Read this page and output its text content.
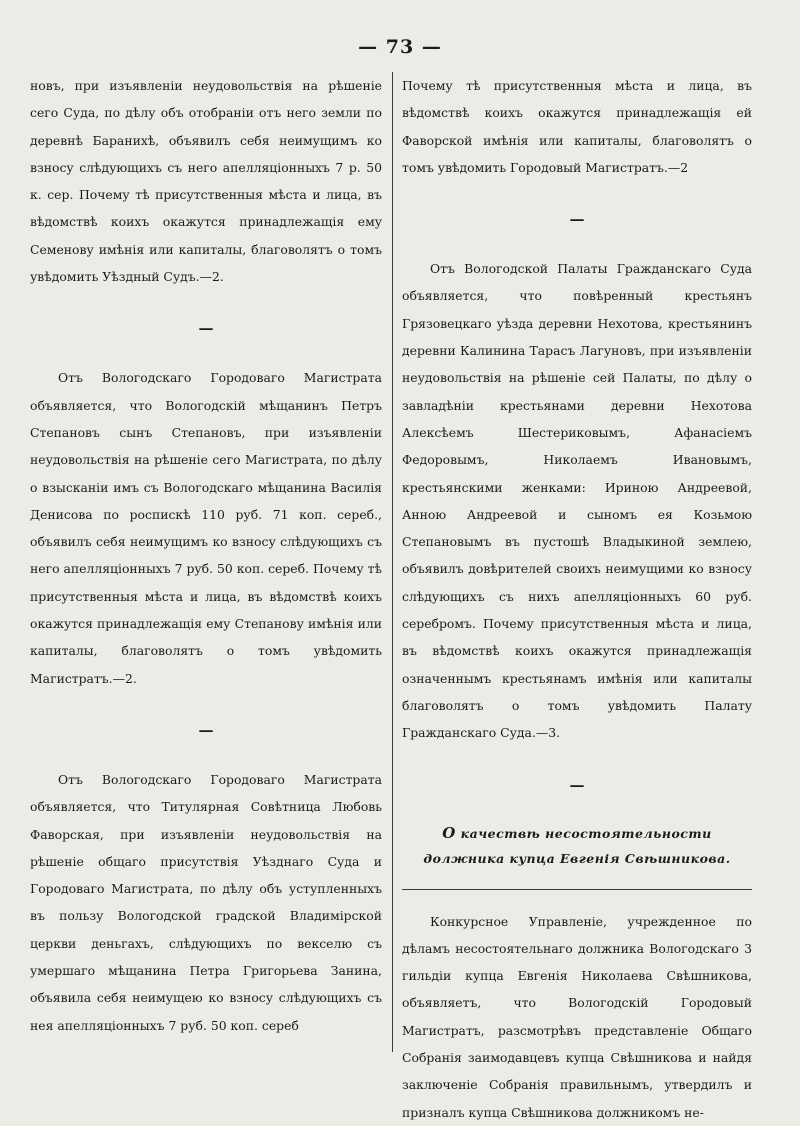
— 73 —

новъ, при изъявленіи неудовольствія на рѣшеніе сего Суда, по дѣлу объ отобраніи отъ него земли по деревнѣ Бараниxѣ, объявилъ себя неимущимъ ко взносу слѣдующихъ съ него апелляціонныхъ 7 р. 50 к. сер. Почему тѣ присутственныя мѣста и лица, въ вѣдомствѣ коихъ окажутся принадлежащія ему Семенову имѣнія или капиталы, благоволятъ о томъ увѣдомить Уѣздный Судъ.—2.

—

Отъ Вологодскаго Городоваго Магистрата объявляется, что Вологодскій мѣщанинъ Петръ Степановъ сынъ Степановъ, при изъявленіи неудовольствія на рѣшеніе сего Магистрата, по дѣлу о взысканіи имъ съ Вологодскаго мѣщанина Василія Денисова по роспискѣ 110 руб. 71 коп. сереб., объявилъ себя неимущимъ ко взносу слѣдующихъ съ него апелляціонныхъ 7 руб. 50 коп. сереб. Почему тѣ присутственныя мѣста и лица, въ вѣдомствѣ коихъ окажутся принадлежащія ему Степанову имѣнія или капиталы, благоволятъ о томъ увѣдомить Магистратъ.—2.

—

Отъ Вологодскаго Городоваго Магистрата объявляется, что Титулярная Совѣтница Любовь Фаворская, при изъявленіи неудовольствія на рѣшеніе общаго присутствія Уѣзднаго Суда и Городоваго Магистрата, по дѣлу объ уступленныхъ въ пользу Вологодской градской Владимірской церкви деньгахъ, слѣдующихъ по векселю съ умершаго мѣщанина Петра Григорьева Занина, объявила себя неимущею ко взносу слѣдующихъ съ нея апелляціонныхъ 7 руб. 50 коп. сереб

Почему тѣ присутственныя мѣста и лица, въ вѣдомствѣ коихъ окажутся принадлежащія ей Фаворской имѣнія или капиталы, благоволятъ о томъ увѣдомить Городовый Магистратъ.—2

—

Отъ Вологодской Палаты Гражданскаго Суда объявляется, что повѣренный крестьянъ Грязовецкаго уѣзда деревни Нехотова, крестьянинъ деревни Калинина Тарасъ Лагуновъ, при изъявленіи неудовольствія на рѣшеніе сей Палаты, по дѣлу о завладѣніи крестьянами деревни Нехотова Алексѣемъ Шестериковымъ, Афанасіемъ Федоровымъ, Николаемъ Ивановымъ, крестьянскими женками: Ириною Андреевой, Анною Андреевой и сыномъ ея Козьмою Степановымъ въ пустошѣ Владыкиной землею, объявилъ довѣрителей своихъ неимущими ко взносу слѣдующихъ съ нихъ апелляціонныхъ 60 руб. серебромъ. Почему присутственныя мѣста и лица, въ вѣдомствѣ коихъ окажутся принадлежащія означеннымъ крестьянамъ имѣнія или капиталы благоволятъ о томъ увѣдомить Палату Гражданскаго Суда.—3.

—
О качествѣ несостоятельности должника купца Евгенія Свѣшникова.

Конкурсное Управленіе, учрежденное по дѣламъ несостоятельнаго должника Вологодскаго 3 гильдіи купца Евгенія Николаева Свѣшникова, объявляетъ, что Вологодскій Городовый Магистратъ, разсмотрѣвъ представленіе Общаго Собранія заимодавцевъ купца Свѣшникова и найдя заключеніе Собранія правильнымъ, утвердилъ и призналъ купца Свѣшникова должникомъ не-
